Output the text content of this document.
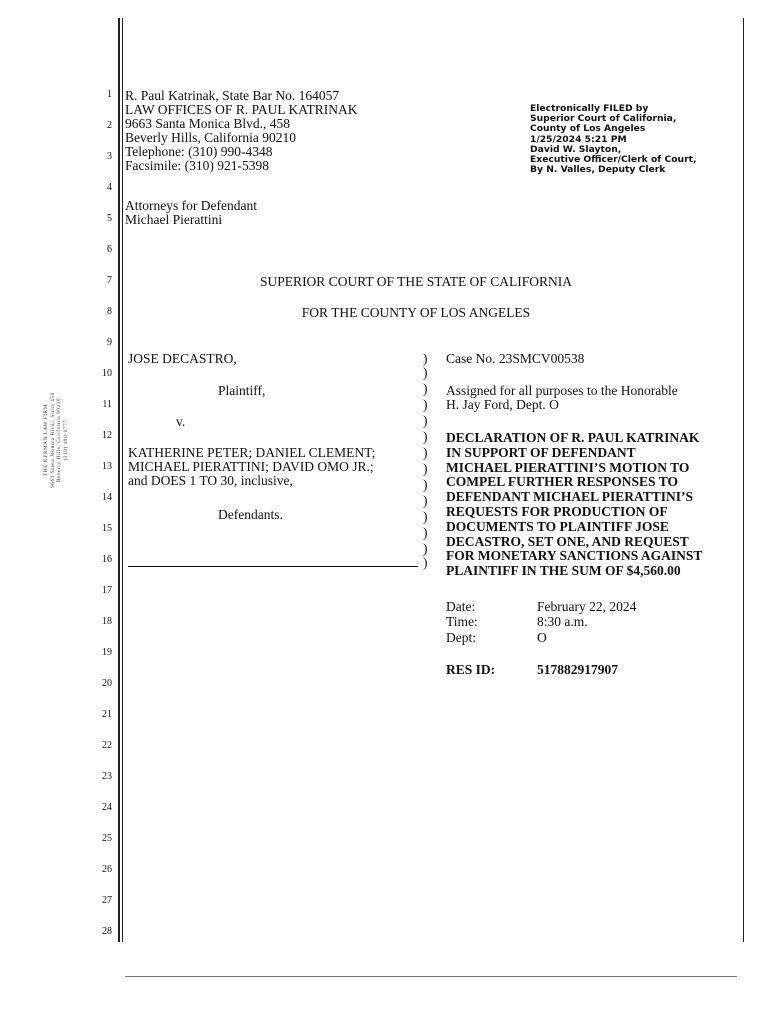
1
2
3
4
5
6
7
8
9
10
11
12
13
14
15
16
17
18
19
20
21
22
23
24
25
26
27
28
THE KERMAN LAW FIRM 9663 Santa Monica Blvd., Suite 450 Beverly Hills, California 90210 (310) 490-0777
R. Paul Katrinak, State Bar No. 164057
LAW OFFICES OF R. PAUL KATRINAK
9663 Santa Monica Blvd., 458
Beverly Hills, California 90210
Telephone: (310) 990-4348
Facsimile: (310) 921-5398
Attorneys for Defendant
Michael Pierattini
Electronically FILED by
Superior Court of California,
County of Los Angeles
1/25/2024 5:21 PM
David W. Slayton,
Executive Officer/Clerk of Court,
By N. Valles, Deputy Clerk
SUPERIOR COURT OF THE STATE OF CALIFORNIA
FOR THE COUNTY OF LOS ANGELES
JOSE DECASTRO,
Plaintiff,
v.
KATHERINE PETER; DANIEL CLEMENT;
MICHAEL PIERATTINI; DAVID OMO JR.;
and DOES 1 TO 30, inclusive,
Defendants.
)
)
)
)
)
)
)
)
)
)
)
)
)
)
Case No. 23SMCV00538
Assigned for all purposes to the Honorable
H. Jay Ford, Dept. O
DECLARATION OF R. PAUL KATRINAK
IN SUPPORT OF DEFENDANT
MICHAEL PIERATTINI’S MOTION TO
COMPEL FURTHER RESPONSES TO
DEFENDANT MICHAEL PIERATTINI’S
REQUESTS FOR PRODUCTION OF
DOCUMENTS TO PLAINTIFF JOSE
DECASTRO, SET ONE, AND REQUEST
FOR MONETARY SANCTIONS AGAINST
PLAINTIFF IN THE SUM OF $4,560.00
Date:	February 22, 2024
Time:	8:30 a.m.
Dept:	O
RES ID:	517882917907
